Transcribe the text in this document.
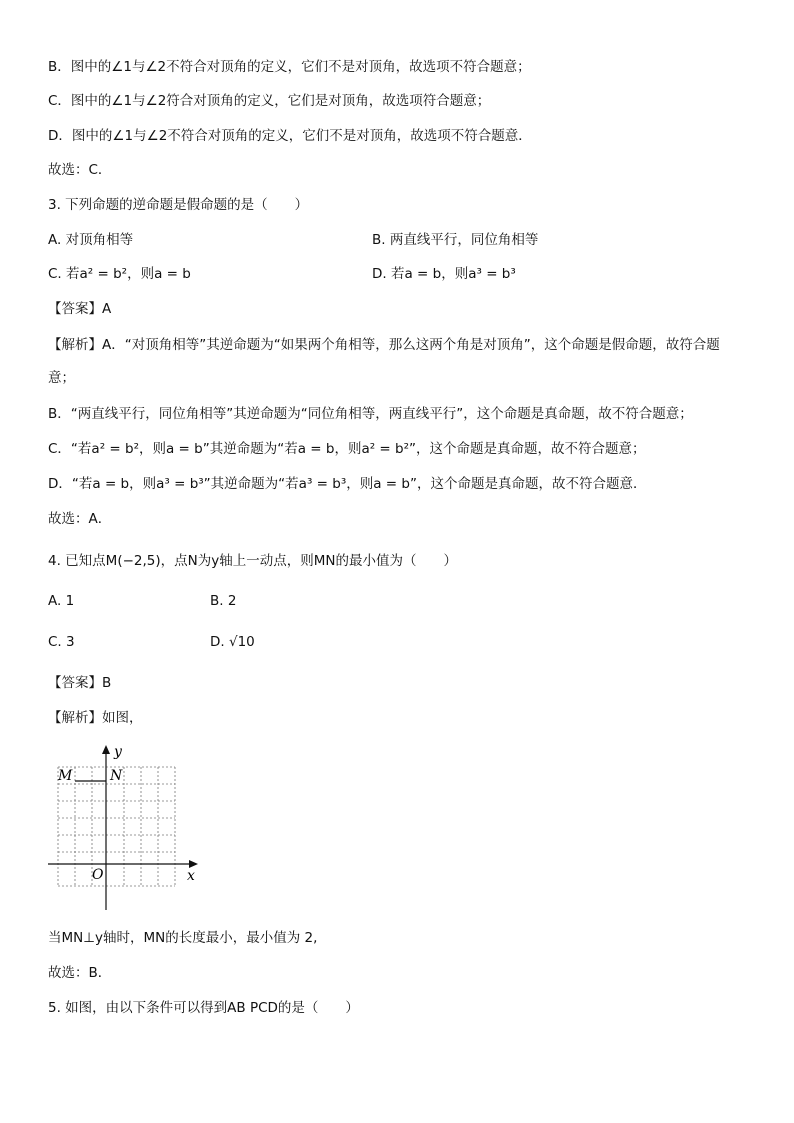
B．图中的∠1与∠2不符合对顶角的定义，它们不是对顶角，故选项不符合题意；
C．图中的∠1与∠2符合对顶角的定义，它们是对顶角，故选项符合题意；
D．图中的∠1与∠2不符合对顶角的定义，它们不是对顶角，故选项不符合题意．
故选：C．
3. 下列命题的逆命题是假命题的是（　　）
A. 对顶角相等	B. 两直线平行，同位角相等
C. 若a² = b²，则a = b	D. 若a = b，则a³ = b³
【答案】A
【解析】A．“对顶角相等”其逆命题为“如果两个角相等，那么这两个角是对顶角”，这个命题是假命题，故符合题
意；
B．“两直线平行，同位角相等”其逆命题为“同位角相等，两直线平行”，这个命题是真命题，故不符合题意；
C．“若a² = b²，则a = b”其逆命题为“若a = b，则a² = b²”，这个命题是真命题，故不符合题意；
D．“若a = b，则a³ = b³”其逆命题为“若a³ = b³，则a = b”，这个命题是真命题，故不符合题意．
故选：A．
4. 已知点M(−2,5)，点N为y轴上一动点，则MN的最小值为（　　）
A. 1	B. 2
C. 3	D. √10
【答案】B
【解析】如图，
y
M	N
O	x
当MN⊥y轴时，MN的长度最小，最小值为 2,
故选：B．
5. 如图，由以下条件可以得到AB PCD的是（　　）
